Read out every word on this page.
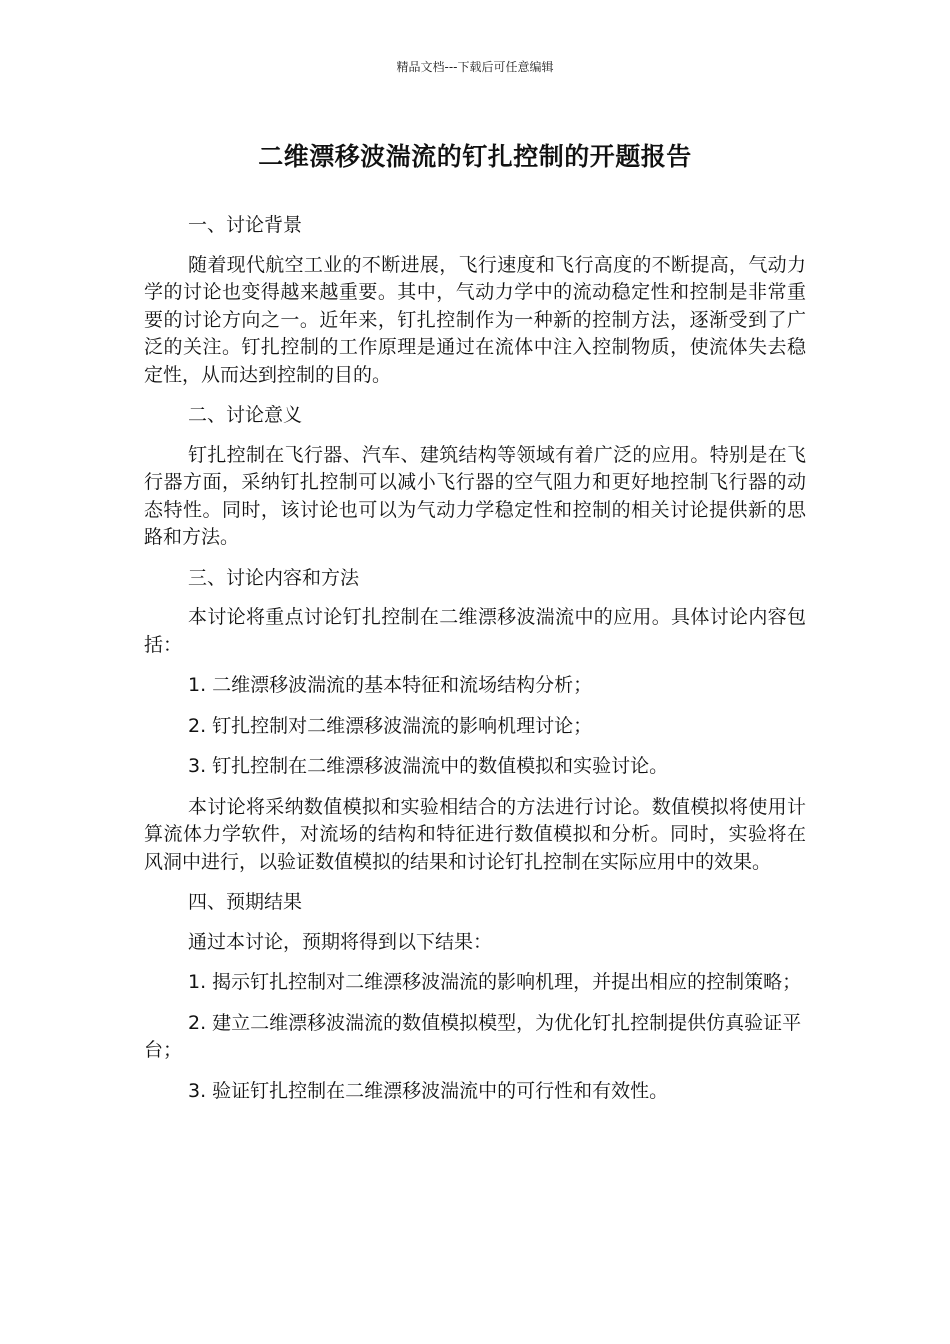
精品文档---下载后可任意编辑
二维漂移波湍流的钉扎控制的开题报告

一、讨论背景

随着现代航空工业的不断进展，飞行速度和飞行高度的不断提高，气动力学的讨论也变得越来越重要。其中，气动力学中的流动稳定性和控制是非常重要的讨论方向之一。近年来，钉扎控制作为一种新的控制方法，逐渐受到了广泛的关注。钉扎控制的工作原理是通过在流体中注入控制物质，使流体失去稳定性，从而达到控制的目的。

二、讨论意义

钉扎控制在飞行器、汽车、建筑结构等领域有着广泛的应用。特别是在飞行器方面，采纳钉扎控制可以减小飞行器的空气阻力和更好地控制飞行器的动态特性。同时，该讨论也可以为气动力学稳定性和控制的相关讨论提供新的思路和方法。

三、讨论内容和方法

本讨论将重点讨论钉扎控制在二维漂移波湍流中的应用。具体讨论内容包括：

1. 二维漂移波湍流的基本特征和流场结构分析；

2. 钉扎控制对二维漂移波湍流的影响机理讨论；

3. 钉扎控制在二维漂移波湍流中的数值模拟和实验讨论。

本讨论将采纳数值模拟和实验相结合的方法进行讨论。数值模拟将使用计算流体力学软件，对流场的结构和特征进行数值模拟和分析。同时，实验将在风洞中进行，以验证数值模拟的结果和讨论钉扎控制在实际应用中的效果。

四、预期结果

通过本讨论，预期将得到以下结果：

1. 揭示钉扎控制对二维漂移波湍流的影响机理，并提出相应的控制策略；

2. 建立二维漂移波湍流的数值模拟模型，为优化钉扎控制提供仿真验证平台；

3. 验证钉扎控制在二维漂移波湍流中的可行性和有效性。
